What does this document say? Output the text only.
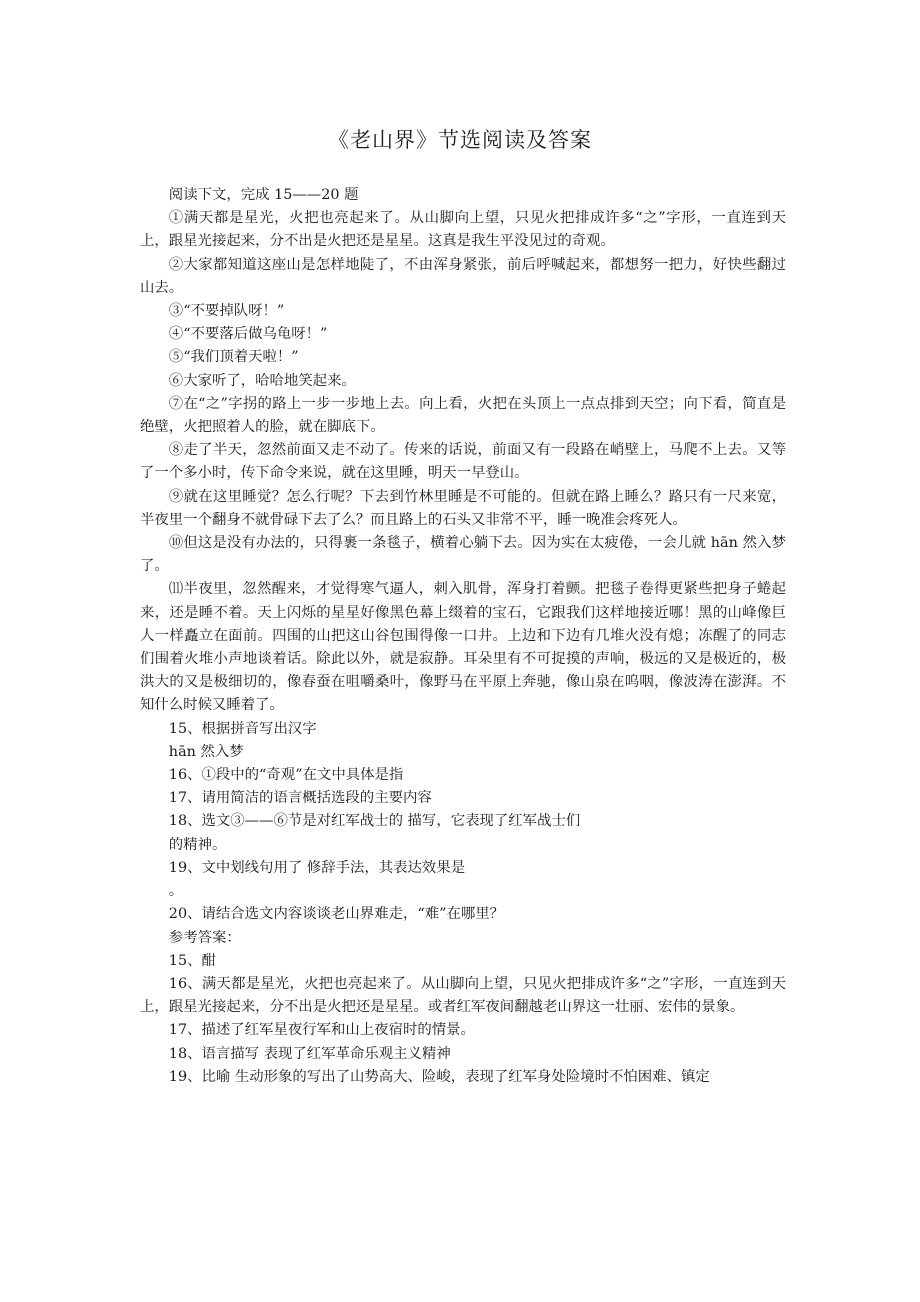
《老山界》节选阅读及答案

阅读下文，完成 15——20 题

①满天都是星光，火把也亮起来了。从山脚向上望，只见火把排成许多“之”字形，一直连到天上，跟星光接起来，分不出是火把还是星星。这真是我生平没见过的奇观。

②大家都知道这座山是怎样地陡了，不由浑身紧张，前后呼喊起来，都想努一把力，好快些翻过山去。

③“不要掉队呀！”

④“不要落后做乌龟呀！”

⑤“我们顶着天啦！”

⑥大家听了，哈哈地笑起来。

⑦在“之”字拐的路上一步一步地上去。向上看，火把在头顶上一点点排到天空；向下看，简直是绝壁，火把照着人的脸，就在脚底下。

⑧走了半天，忽然前面又走不动了。传来的话说，前面又有一段路在峭壁上，马爬不上去。又等了一个多小时，传下命令来说，就在这里睡，明天一早登山。

⑨就在这里睡觉？怎么行呢？下去到竹林里睡是不可能的。但就在路上睡么？路只有一尺来宽，半夜里一个翻身不就骨碌下去了么？而且路上的石头又非常不平，睡一晚准会疼死人。

⑩但这是没有办法的，只得裹一条毯子，横着心躺下去。因为实在太疲倦，一会儿就 hān 然入梦了。

⑾半夜里，忽然醒来，才觉得寒气逼人，刺入肌骨，浑身打着颤。把毯子卷得更紧些把身子蜷起来，还是睡不着。天上闪烁的星星好像黑色幕上缀着的宝石，它跟我们这样地接近哪！黑的山峰像巨人一样矗立在面前。四围的山把这山谷包围得像一口井。上边和下边有几堆火没有熄；冻醒了的同志们围着火堆小声地谈着话。除此以外，就是寂静。耳朵里有不可捉摸的声响，极远的又是极近的，极洪大的又是极细切的，像春蚕在咀嚼桑叶，像野马在平原上奔驰，像山泉在呜咽，像波涛在澎湃。不知什么时候又睡着了。

15、根据拼音写出汉字

hān 然入梦

16、①段中的“奇观”在文中具体是指

17、请用简洁的语言概括选段的主要内容

18、选文③——⑥节是对红军战士的 描写，它表现了红军战士们

的精神。

19、文中划线句用了 修辞手法，其表达效果是

。

20、请结合选文内容谈谈老山界难走，“难”在哪里？

参考答案：

15、酣

16、满天都是星光，火把也亮起来了。从山脚向上望，只见火把排成许多“之”字形，一直连到天上，跟星光接起来，分不出是火把还是星星。或者红军夜间翻越老山界这一壮丽、宏伟的景象。

17、描述了红军星夜行军和山上夜宿时的情景。

18、语言描写 表现了红军革命乐观主义精神

19、比喻 生动形象的写出了山势高大、险峻，表现了红军身处险境时不怕困难、镇定
